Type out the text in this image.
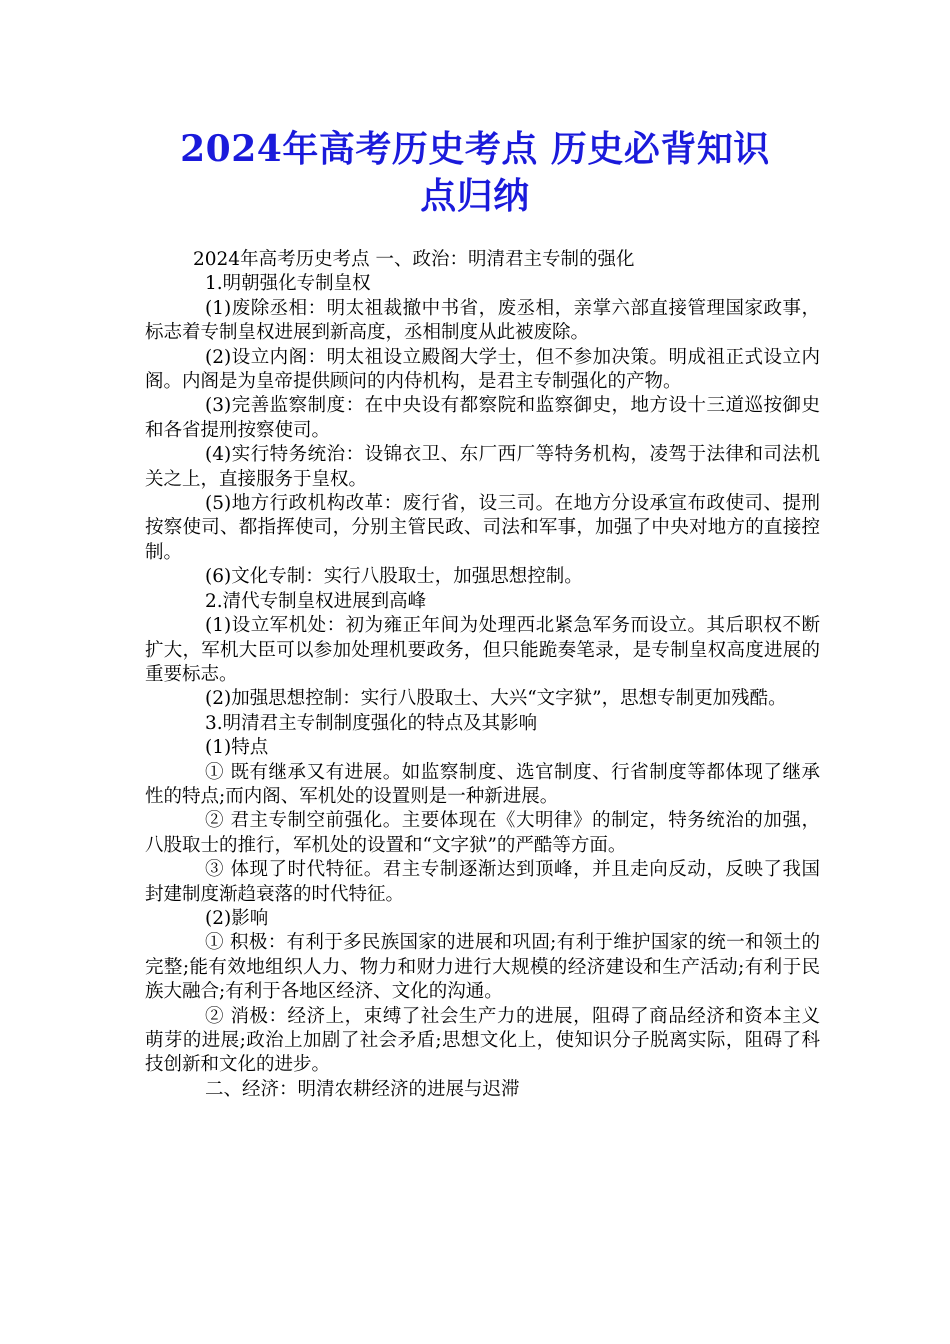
2024年高考历史考点 历史必背知识
点归纳

2024年高考历史考点 一、政治：明清君主专制的强化

1.明朝强化专制皇权

(1)废除丞相：明太祖裁撤中书省，废丞相，亲掌六部直接管理国家政事，标志着专制皇权进展到新高度，丞相制度从此被废除。

(2)设立内阁：明太祖设立殿阁大学士，但不参加决策。明成祖正式设立内阁。内阁是为皇帝提供顾问的内侍机构，是君主专制强化的产物。

(3)完善监察制度：在中央设有都察院和监察御史，地方设十三道巡按御史和各省提刑按察使司。

(4)实行特务统治：设锦衣卫、东厂西厂等特务机构，凌驾于法律和司法机关之上，直接服务于皇权。

(5)地方行政机构改革：废行省，设三司。在地方分设承宣布政使司、提刑按察使司、都指挥使司，分别主管民政、司法和军事，加强了中央对地方的直接控制。

(6)文化专制：实行八股取士，加强思想控制。

2.清代专制皇权进展到高峰

(1)设立军机处：初为雍正年间为处理西北紧急军务而设立。其后职权不断扩大，军机大臣可以参加处理机要政务，但只能跪奏笔录，是专制皇权高度进展的重要标志。

(2)加强思想控制：实行八股取士、大兴“文字狱”，思想专制更加残酷。

3.明清君主专制制度强化的特点及其影响

(1)特点

① 既有继承又有进展。如监察制度、选官制度、行省制度等都体现了继承性的特点;而内阁、军机处的设置则是一种新进展。

② 君主专制空前强化。主要体现在《大明律》的制定，特务统治的加强，八股取士的推行，军机处的设置和“文字狱”的严酷等方面。

③ 体现了时代特征。君主专制逐渐达到顶峰，并且走向反动，反映了我国封建制度渐趋衰落的时代特征。

(2)影响

① 积极：有利于多民族国家的进展和巩固;有利于维护国家的统一和领土的完整;能有效地组织人力、物力和财力进行大规模的经济建设和生产活动;有利于民族大融合;有利于各地区经济、文化的沟通。

② 消极：经济上，束缚了社会生产力的进展，阻碍了商品经济和资本主义萌芽的进展;政治上加剧了社会矛盾;思想文化上，使知识分子脱离实际，阻碍了科技创新和文化的进步。

二、经济：明清农耕经济的进展与迟滞
